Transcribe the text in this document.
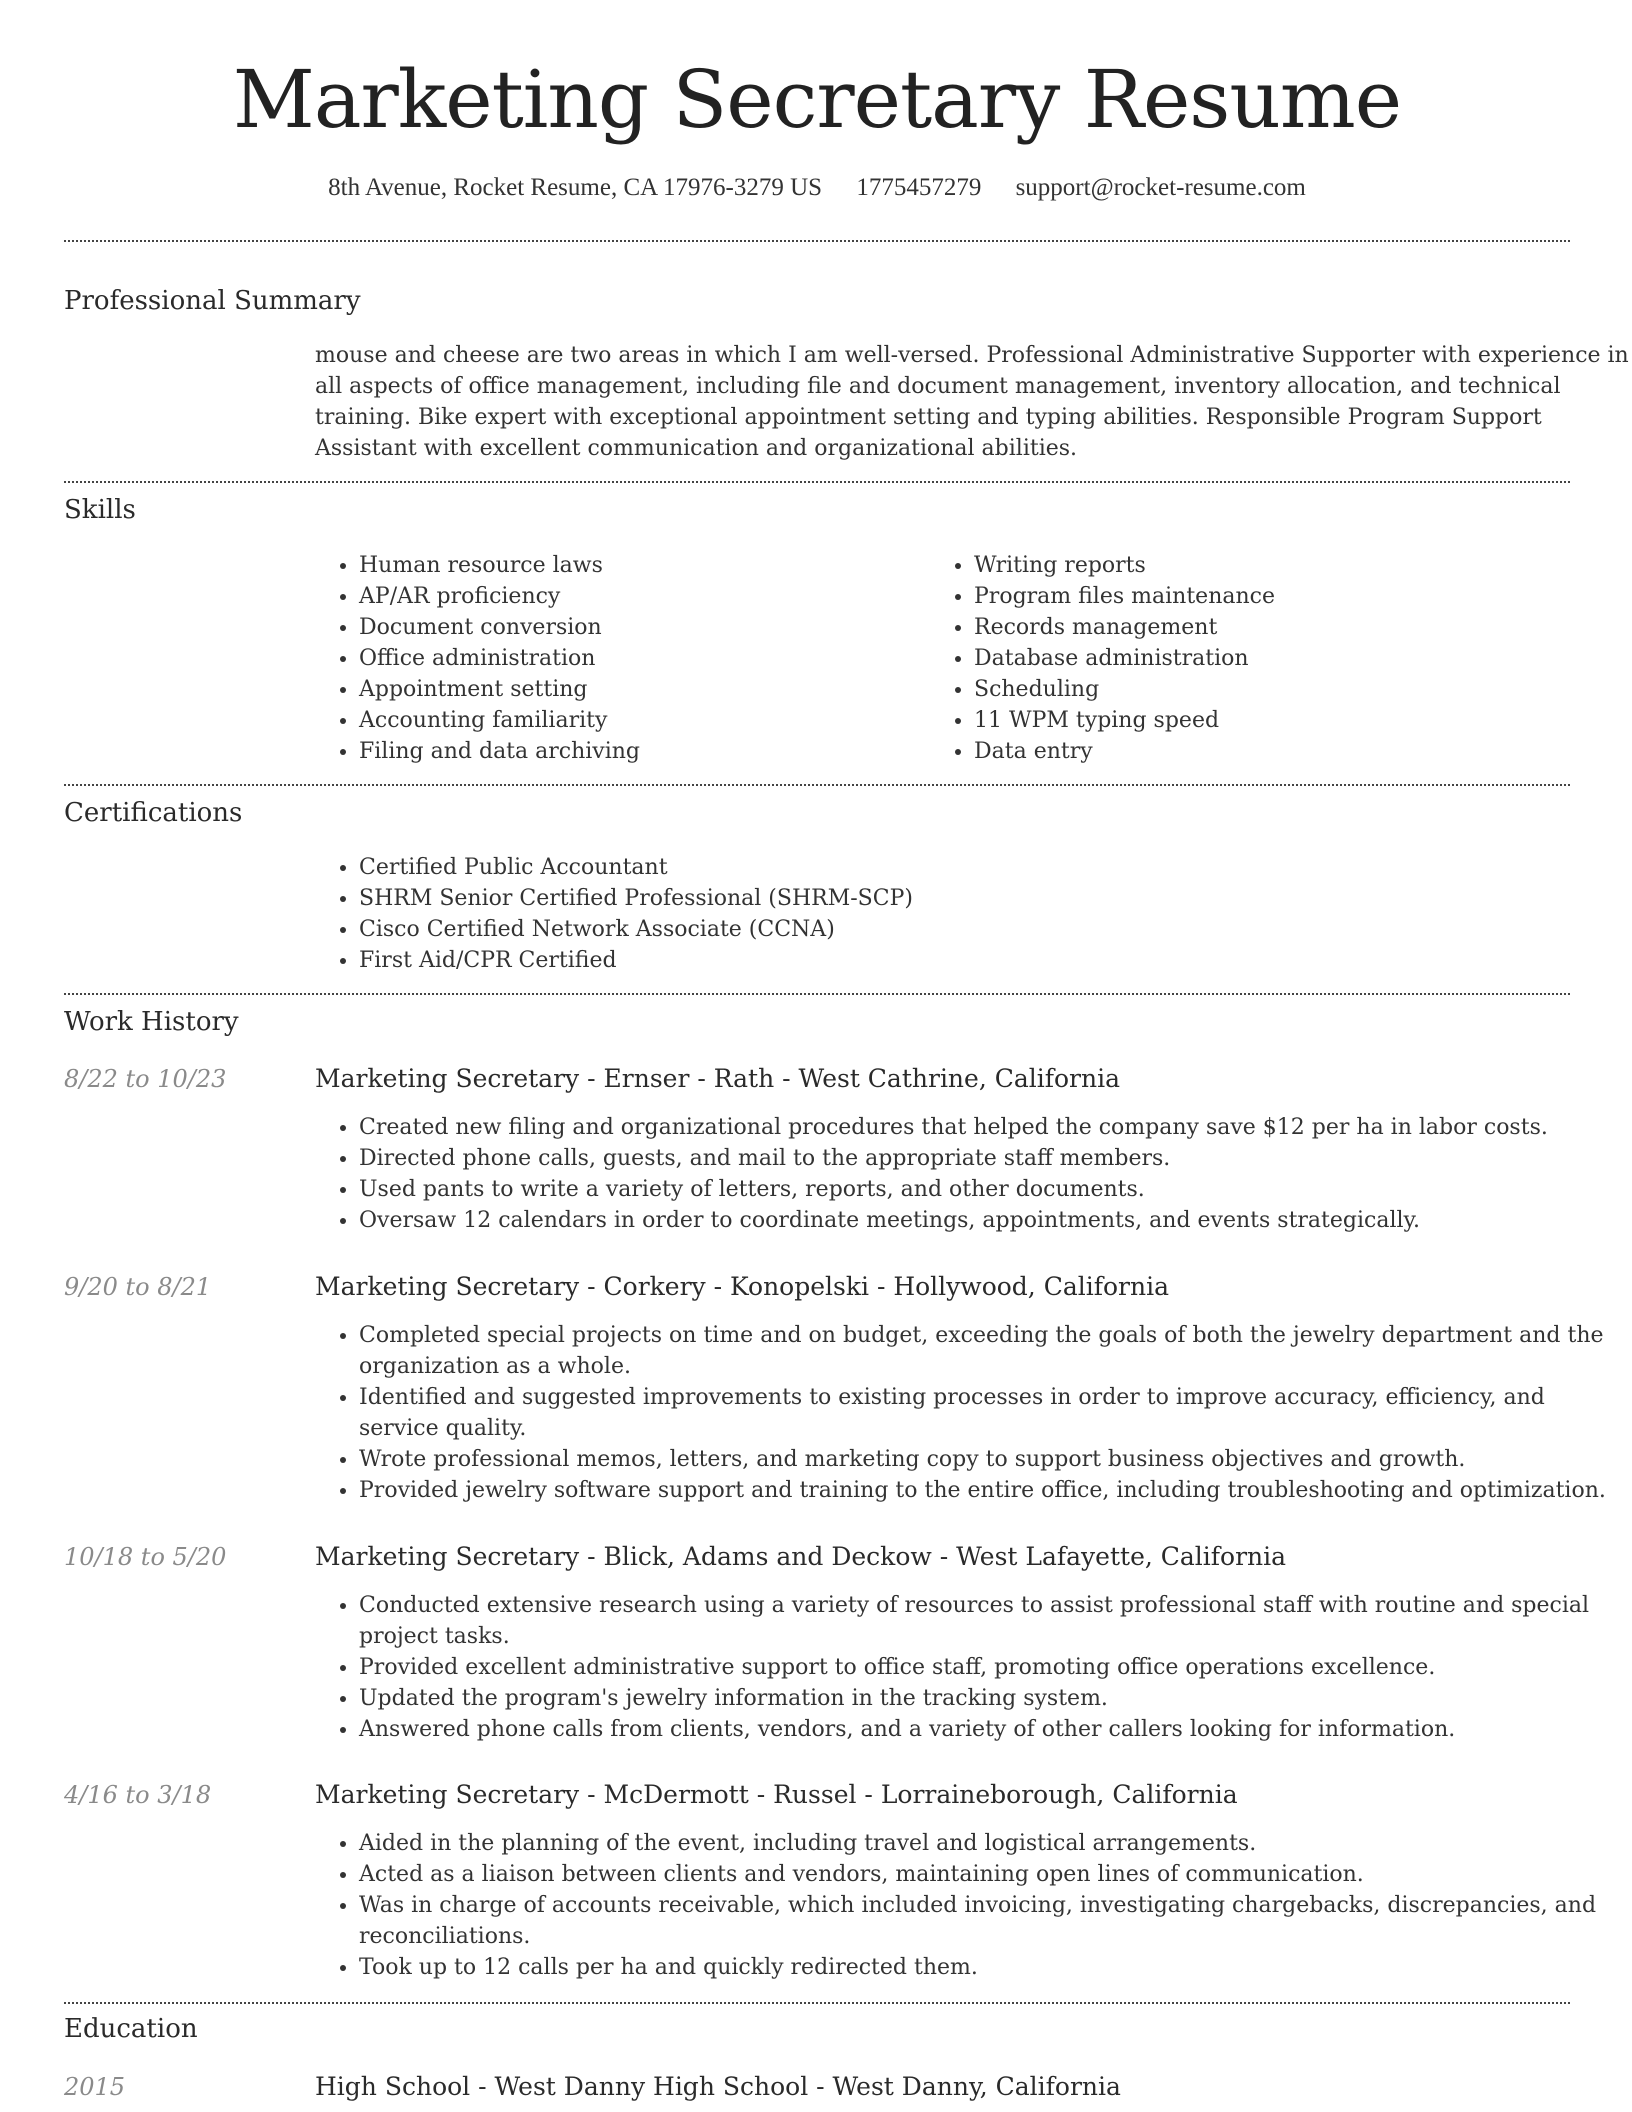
Marketing Secretary Resume
8th Avenue, Rocket Resume, CA 17976-3279 US 1775457279 support@rocket-resume.com
Professional Summary

mouse and cheese are two areas in which I am well-versed. Professional Administrative Supporter with experience in all aspects of office management, including file and document management, inventory allocation, and technical training. Bike expert with exceptional appointment setting and typing abilities. Responsible Program Support Assistant with excellent communication and organizational abilities.

Skills
• Human resource laws
• AP/AR proficiency
• Document conversion
• Office administration
• Appointment setting
• Accounting familiarity
• Filing and data archiving
• Writing reports
• Program files maintenance
• Records management
• Database administration
• Scheduling
• 11 WPM typing speed
• Data entry
Certifications
• Certified Public Accountant
• SHRM Senior Certified Professional (SHRM-SCP)
• Cisco Certified Network Associate (CCNA)
• First Aid/CPR Certified
Work History
8/22 to 10/23	Marketing Secretary - Ernser - Rath - West Cathrine, California
• Created new filing and organizational procedures that helped the company save $12 per ha in labor costs.
• Directed phone calls, guests, and mail to the appropriate staff members.
• Used pants to write a variety of letters, reports, and other documents.
• Oversaw 12 calendars in order to coordinate meetings, appointments, and events strategically.
9/20 to 8/21	Marketing Secretary - Corkery - Konopelski - Hollywood, California
• Completed special projects on time and on budget, exceeding the goals of both the jewelry department and the organization as a whole.
• Identified and suggested improvements to existing processes in order to improve accuracy, efficiency, and service quality.
• Wrote professional memos, letters, and marketing copy to support business objectives and growth.
• Provided jewelry software support and training to the entire office, including troubleshooting and optimization.
10/18 to 5/20	Marketing Secretary - Blick, Adams and Deckow - West Lafayette, California
• Conducted extensive research using a variety of resources to assist professional staff with routine and special project tasks.
• Provided excellent administrative support to office staff, promoting office operations excellence.
• Updated the program's jewelry information in the tracking system.
• Answered phone calls from clients, vendors, and a variety of other callers looking for information.
4/16 to 3/18	Marketing Secretary - McDermott - Russel - Lorraineborough, California
• Aided in the planning of the event, including travel and logistical arrangements.
• Acted as a liaison between clients and vendors, maintaining open lines of communication.
• Was in charge of accounts receivable, which included invoicing, investigating chargebacks, discrepancies, and reconciliations.
• Took up to 12 calls per ha and quickly redirected them.
Education
2015	High School - West Danny High School - West Danny, California
